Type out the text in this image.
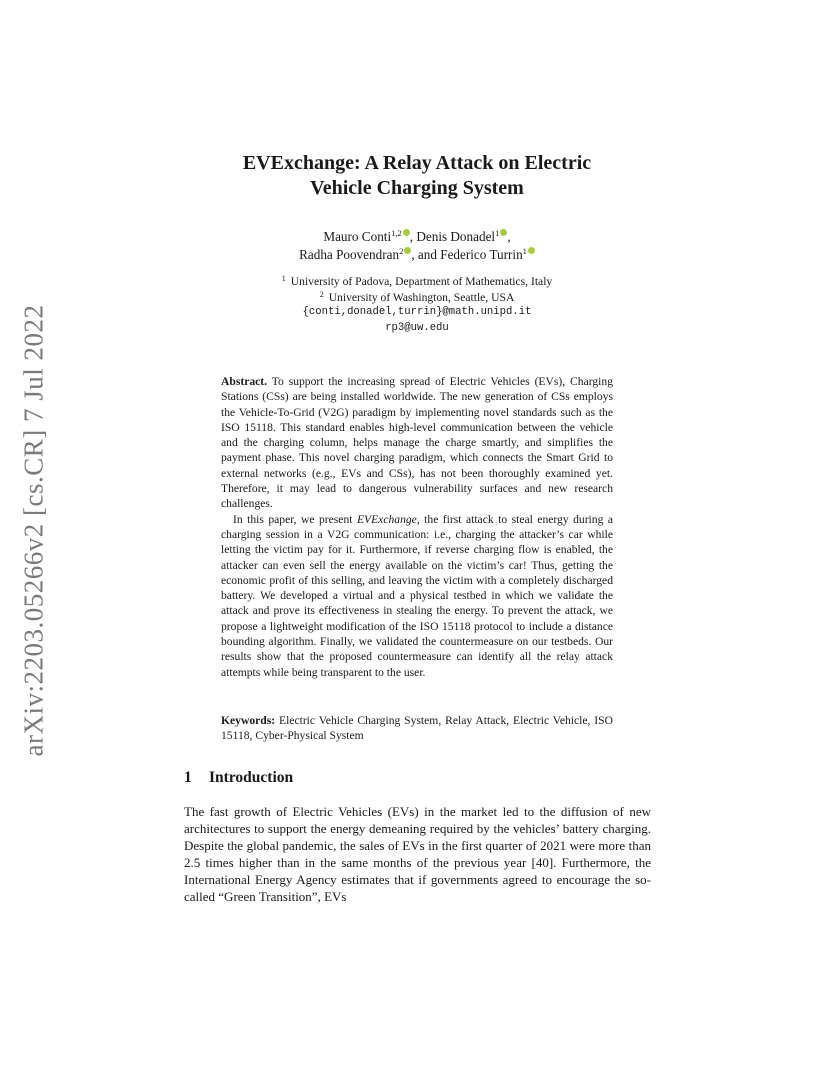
arXiv:2203.05266v2 [cs.CR] 7 Jul 2022
EVExchange: A Relay Attack on Electric
Vehicle Charging System
Mauro Conti$^{1,2}$ , Denis Donadel$^1$ ,
Radha Poovendran$^2$ , and Federico Turrin$^1$
$^1$ University of Padova, Department of Mathematics, Italy
$^2$ University of Washington, Seattle, USA
{conti,donadel,turrin}@math.unipd.it
rp3@uw.edu

Abstract. To support the increasing spread of Electric Vehicles (EVs), Charging Stations (CSs) are being installed worldwide. The new generation of CSs employs the Vehicle-To-Grid (V2G) paradigm by implementing novel standards such as the ISO 15118. This standard enables high-level communication between the vehicle and the charging column, helps manage the charge smartly, and simplifies the payment phase. This novel charging paradigm, which connects the Smart Grid to external networks (e.g., EVs and CSs), has not been thoroughly examined yet. Therefore, it may lead to dangerous vulnerability surfaces and new research challenges.

In this paper, we present EVExchange, the first attack to steal energy during a charging session in a V2G communication: i.e., charging the attacker’s car while letting the victim pay for it. Furthermore, if reverse charging flow is enabled, the attacker can even sell the energy available on the victim’s car! Thus, getting the economic profit of this selling, and leaving the victim with a completely discharged battery. We developed a virtual and a physical testbed in which we validate the attack and prove its effectiveness in stealing the energy. To prevent the attack, we propose a lightweight modification of the ISO 15118 protocol to include a distance bounding algorithm. Finally, we validated the countermeasure on our testbeds. Our results show that the proposed countermeasure can identify all the relay attack attempts while being transparent to the user.

Keywords: Electric Vehicle Charging System, Relay Attack, Electric Vehicle, ISO 15118, Cyber-Physical System
1 Introduction

The fast growth of Electric Vehicles (EVs) in the market led to the diffusion of new architectures to support the energy demeaning required by the vehicles’ battery charging. Despite the global pandemic, the sales of EVs in the first quarter of 2021 were more than 2.5 times higher than in the same months of the previous year [40]. Furthermore, the International Energy Agency estimates that if governments agreed to encourage the so-called “Green Transition”, EVs
